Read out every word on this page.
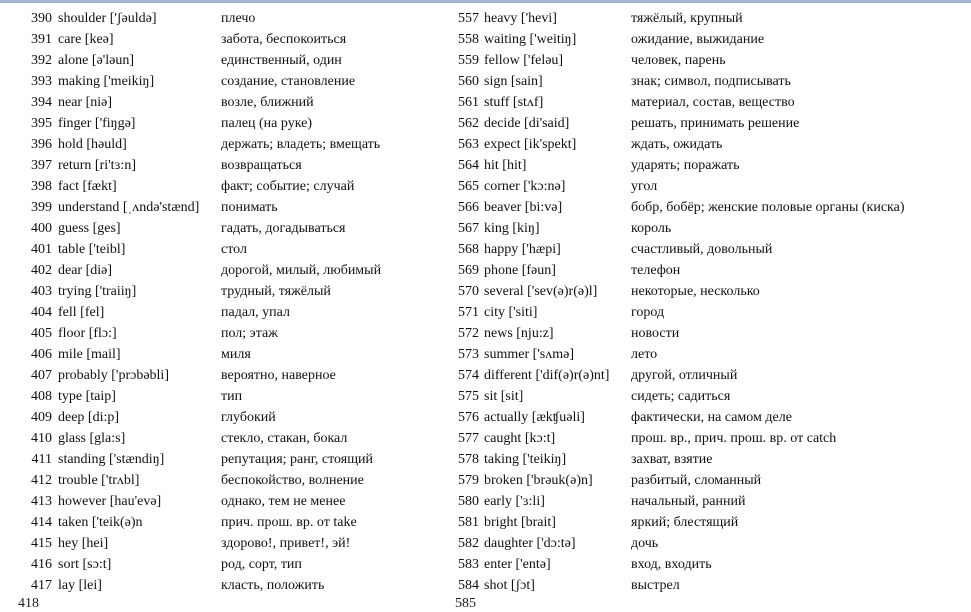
390 shoulder ['ʃəuldə]	плечо
391 care [keə]	забота, беспокоиться
392 alone [ə'ləun]	единственный, один
393 making ['meikiŋ]	создание, становление
394 near [niə]	возле, ближний
395 finger ['fiŋgə]	палец (на руке)
396 hold [həuld]	держать; владеть; вмещать
397 return [ri'tɜ:n]	возвращаться
398 fact [fækt]	факт; событие; случай
399 understand [ˌʌndə'stænd] понимать
400 guess [ges]	гадать, догадываться
401 table ['teibl]	стол
402 dear [diə]	дорогой, милый, любимый
403 trying ['traiiŋ]	трудный, тяжёлый
404 fell [fel]	падал, упал
405 floor [flɔ:]	пол; этаж
406 mile [mail]	миля
407 probably ['prɔbəbli]	вероятно, наверное
408 type [taip]	тип
409 deep [di:p]	глубокий
410 glass [gla:s]	стекло, стакан, бокал
411 standing ['stændiŋ]	репутация; ранг, стоящий
412 trouble ['trʌbl]	беспокойство, волнение
413 however [hau'evə]	однако, тем не менее
414 taken ['teik(ə)n	прич. прош. вр. от take
415 hey [hei]	здорово!, привет!, эй!
416 sort [sɔ:t]	род, сорт, тип
417 lay [lei]	класть, положить
557 heavy ['hevi]	тяжёлый, крупный
558 waiting ['weitiŋ]	ожидание, выжидание
559 fellow ['feləu]	человек, парень
560 sign [sain]	знак; символ, подписывать
561 stuff [stʌf]	материал, состав, вещество
562 decide [di'said]	решать, принимать решение
563 expect [ik'spekt]	ждать, ожидать
564 hit [hit]	ударять; поражать
565 corner ['kɔ:nə]	угол
566 beaver [bi:və]	бобр, бобёр; женские половые органы (киска)
567 king [kiŋ]	король
568 happy ['hæpi]	счастливый, довольный
569 phone [fəun]	телефон
570 several ['sev(ə)r(ə)l] некоторые, несколько
571 city ['siti]	город
572 news [nju:z]	новости
573 summer ['sʌmə]	лето
574 different ['dif(ə)r(ə)nt] другой, отличный
575 sit [sit]	сидеть; садиться
576 actually [ækʧuəli]	фактически, на самом деле
577 caught [kɔ:t]	прош. вр., прич. прош. вр. от catch
578 taking ['teikiŋ]	захват, взятие
579 broken ['brəuk(ə)n]	разбитый, сломанный
580 early ['ɜ:li]	начальный, ранний
581 bright [brait]	яркий; блестящий
582 daughter ['dɔ:tə]	дочь
583 enter ['entə]	вход, входить
584 shot [ʃɔt]	выстрел
418	585
